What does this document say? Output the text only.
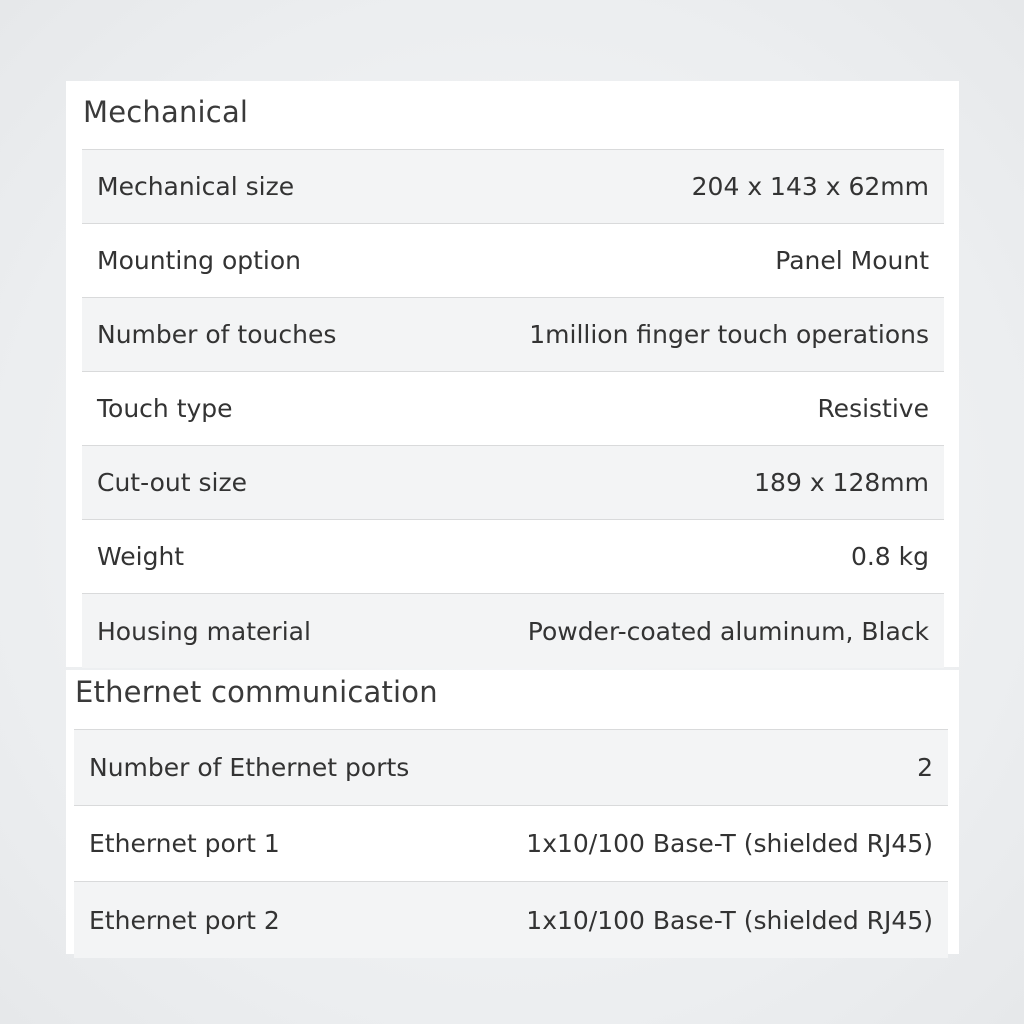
Mechanical
Mechanical size	204 x 143 x 62mm
Mounting option	Panel Mount
Number of touches	1million finger touch operations
Touch type	Resistive
Cut-out size	189 x 128mm
Weight	0.8 kg
Housing material	Powder-coated aluminum, Black
Ethernet communication
Number of Ethernet ports	2
Ethernet port 1	1x10/100 Base-T (shielded RJ45)
Ethernet port 2	1x10/100 Base-T (shielded RJ45)
